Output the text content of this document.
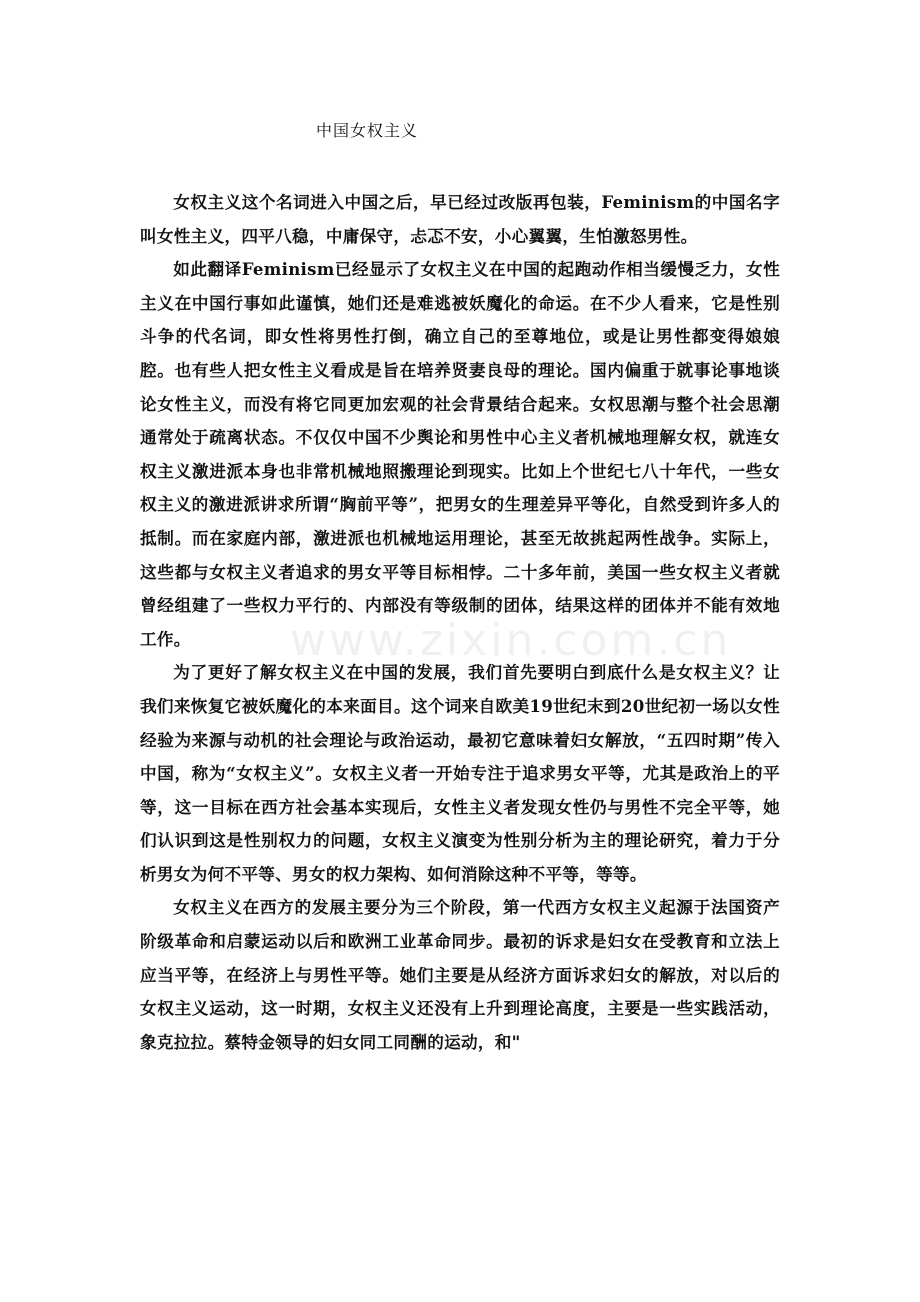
中国女权主义

女权主义这个名词进入中国之后，早已经过改版再包装，Feminism的中国名字叫女性主义，四平八稳，中庸保守，忐忑不安，小心翼翼，生怕激怒男性。

如此翻译Feminism已经显示了女权主义在中国的起跑动作相当缓慢乏力，女性主义在中国行事如此谨慎，她们还是难逃被妖魔化的命运。在不少人看来，它是性别斗争的代名词，即女性将男性打倒，确立自己的至尊地位，或是让男性都变得娘娘腔。也有些人把女性主义看成是旨在培养贤妻良母的理论。国内偏重于就事论事地谈论女性主义，而没有将它同更加宏观的社会背景结合起来。女权思潮与整个社会思潮通常处于疏离状态。不仅仅中国不少舆论和男性中心主义者机械地理解女权，就连女权主义激进派本身也非常机械地照搬理论到现实。比如上个世纪七八十年代，一些女权主义的激进派讲求所谓“胸前平等”，把男女的生理差异平等化，自然受到许多人的抵制。而在家庭内部，激进派也机械地运用理论，甚至无故挑起两性战争。实际上，这些都与女权主义者追求的男女平等目标相悖。二十多年前，美国一些女权主义者就曾经组建了一些权力平行的、内部没有等级制的团体，结果这样的团体并不能有效地工作。

为了更好了解女权主义在中国的发展，我们首先要明白到底什么是女权主义？让我们来恢复它被妖魔化的本来面目。这个词来自欧美19世纪末到20世纪初一场以女性经验为来源与动机的社会理论与政治运动，最初它意味着妇女解放，“五四时期”传入中国，称为“女权主义”。女权主义者一开始专注于追求男女平等，尤其是政治上的平等，这一目标在西方社会基本实现后，女性主义者发现女性仍与男性不完全平等，她们认识到这是性别权力的问题，女权主义演变为性别分析为主的理论研究，着力于分析男女为何不平等、男女的权力架构、如何消除这种不平等，等等。

女权主义在西方的发展主要分为三个阶段，第一代西方女权主义起源于法国资产阶级革命和启蒙运动以后和欧洲工业革命同步。最初的诉求是妇女在受教育和立法上应当平等，在经济上与男性平等。她们主要是从经济方面诉求妇女的解放，对以后的女权主义运动，这一时期，女权主义还没有上升到理论高度，主要是一些实践活动，象克拉拉。蔡特金领导的妇女同工同酬的运动，和"

www.zixin.com.cn
